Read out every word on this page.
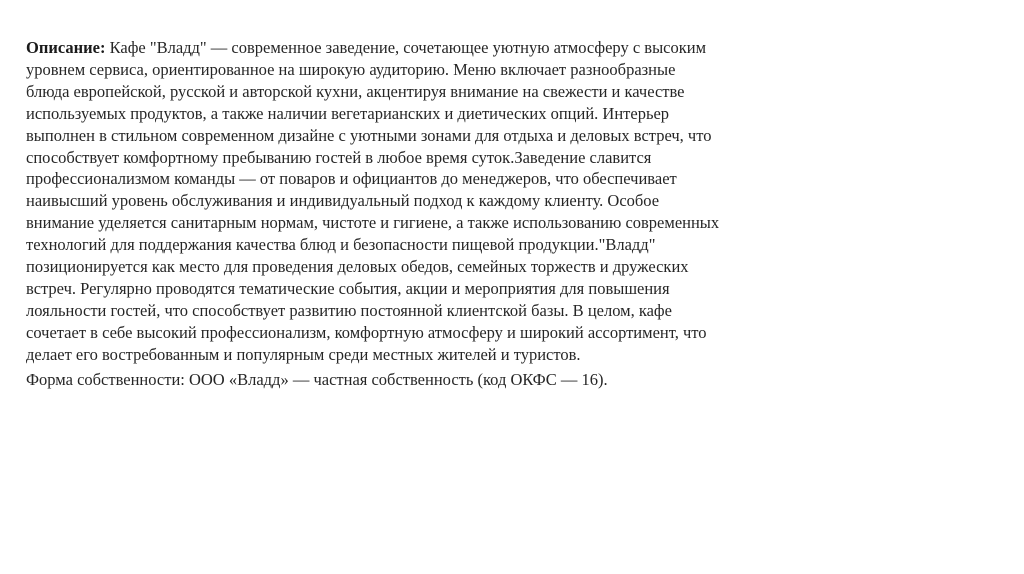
Описание: Кафе "Владд" — современное заведение, сочетающее уютную атмосферу с высоким
уровнем сервиса, ориентированное на широкую аудиторию. Меню включает разнообразные
блюда европейской, русской и авторской кухни, акцентируя внимание на свежести и качестве
используемых продуктов, а также наличии вегетарианских и диетических опций. Интерьер
выполнен в стильном современном дизайне с уютными зонами для отдыха и деловых встреч, что
способствует комфортному пребыванию гостей в любое время суток.Заведение славится
профессионализмом команды — от поваров и официантов до менеджеров, что обеспечивает
наивысший уровень обслуживания и индивидуальный подход к каждому клиенту. Особое
внимание уделяется санитарным нормам, чистоте и гигиене, а также использованию современных
технологий для поддержания качества блюд и безопасности пищевой продукции."Владд"
позиционируется как место для проведения деловых обедов, семейных торжеств и дружеских
встреч. Регулярно проводятся тематические события, акции и мероприятия для повышения
лояльности гостей, что способствует развитию постоянной клиентской базы. В целом, кафе
сочетает в себе высокий профессионализм, комфортную атмосферу и широкий ассортимент, что
делает его востребованным и популярным среди местных жителей и туристов.
Форма собственности: ООО «Владд» — частная собственность (код ОКФС — 16).
